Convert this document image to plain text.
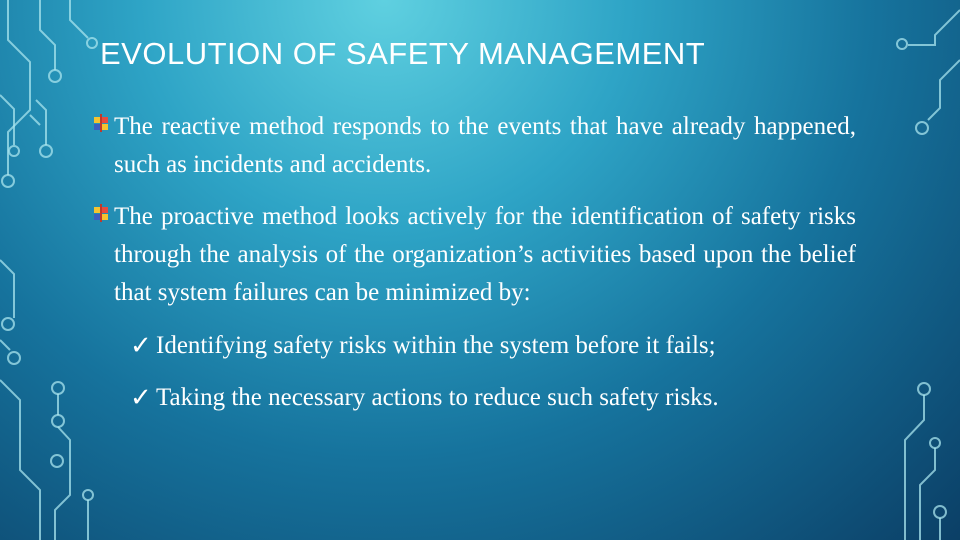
EVOLUTION OF SAFETY MANAGEMENT
The reactive method responds to the events that have already happened, such as incidents and accidents.
The proactive method looks actively for the identification of safety risks through the analysis of the organization’s activities based upon the belief that system failures can be minimized by:
✓ Identifying safety risks within the system before it fails;
✓ Taking the necessary actions to reduce such safety risks.
